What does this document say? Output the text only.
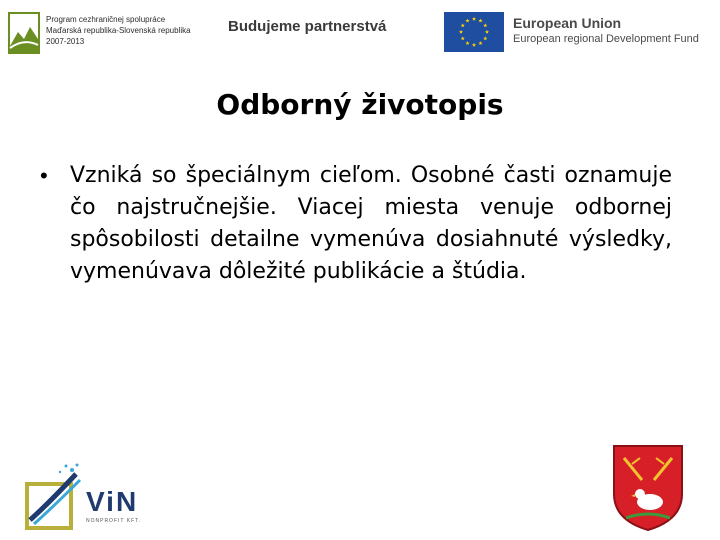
Program cezhraničnej spolupráce
Maďarská republika-Slovenská republika
2007-2013
Budujeme partnerstvá	European Union
European regional Development Fund
Odborný životopis
• Vzniká so špeciálnym cieľom. Osobné časti oznamuje čo najstručnejšie. Viacej miesta venuje odbornej spôsobilosti detailne vymenúva dosiahnuté výsledky, vymenúvava dôležité publikácie a štúdia.
ViN
NONPROFIT KFT.
